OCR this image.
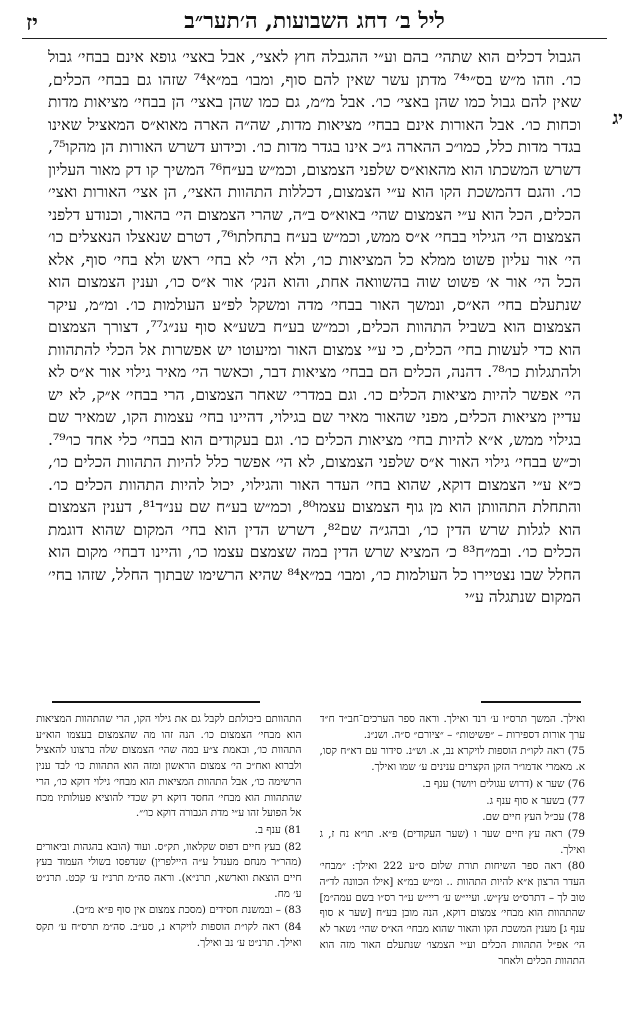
ליל ב׳ דחג השבועות, ה׳תער״ב
יז
יג

הגבול דכלים הוא שתהי׳ בהם וע״י ההגבלה חוץ לאצי׳, אבל באצי׳ גופא אינם בבחי׳ גבול כו׳. וזהו מ״ש בס״י⁷⁴ מדתן עשר שאין להם סוף, ומבו׳ במ״א⁷⁴ שזהו גם בבחי׳ הכלים, שאין להם גבול כמו שהן באצי׳ כו׳. אבל מ״מ, גם כמו שהן באצי׳ הן בבחי׳ מציאות מדות וכחות כו׳. אבל האורות אינם בבחי׳ מציאות מדות, שה״ה הארה מאוא״ס המאציל שאינו בגדר מדות כלל, כמו״כ ההארה ג״כ אינו בגדר מדות כו׳. וכידוע דשרש האורות הן מהקו⁷⁵, דשרש המשכתו הוא מהאוא״ס שלפני הצמצום, וכמ״ש בע״ח⁷⁶ המשיך קו דק מאור העליון כו׳. והגם דהמשכת הקו הוא ע״י הצמצום, דכללות התהוות האצי׳, הן אצי׳ האורות ואצי׳ הכלים, הכל הוא ע״י הצמצום שהי׳ באוא״ס ב״ה, שהרי הצמצום הי׳ בהאור, וכנודע דלפני הצמצום הי׳ הגילוי בבחי׳ א״ס ממש, וכמ״ש בע״ח בתחלתו⁷⁶, דטרם שנאצלו הנאצלים כו׳ הי׳ אור עליון פשוט ממלא כל המציאות כו׳, ולא הי׳ לא בחי׳ ראש ולא בחי׳ סוף, אלא הכל הי׳ אור א׳ פשוט שוה בהשוואה אחת, והוא הנק׳ אור א״ס כו׳, וענין הצמצום הוא שנתעלם בחי׳ הא״ס, ונמשך האור בבחי׳ מדה ומשקל לפ״ע העולמות כו׳. ומ״מ, עיקר הצמצום הוא בשביל התהוות הכלים, וכמ״ש בע״ח בשע״א סוף ענ״ג⁷⁷, דצורך הצמצום הוא כדי לעשות בחי׳ הכלים, כי ע״י צמצום האור ומיעוטו יש אפשרות אל הכלי להתהוות ולהתגלות כו׳⁷⁸. דהנה, הכלים הם בבחי׳ מציאות דבר, וכאשר הי׳ מאיר גילוי אור א״ס לא הי׳ אפשר להיות מציאות הכלים כו׳. וגם במדרי׳ שאחר הצמצום, הרי בבחי׳ א״ק, לא יש עדיין מציאות הכלים, מפני שהאור מאיר שם בגילוי, דהיינו בחי׳ עצמות הקו, שמאיר שם בגילוי ממש, א״א להיות בחי׳ מציאות הכלים כו׳. וגם בעקודים הוא בבחי׳ כלי אחד כו׳⁷⁹. וכ״ש בבחי׳ גילוי האור א״ס שלפני הצמצום, לא הי׳ אפשר כלל להיות התהוות הכלים כו׳, כ״א ע״י הצמצום דוקא, שהוא בחי׳ העדר האור והגילוי, יכול להיות התהוות הכלים כו׳. והתחלת התהוותן הוא מן גוף הצמצום עצמו⁸⁰, וכמ״ש בע״ח שם ענ״ד⁸¹, דענין הצמצום הוא לגלות שרש הדין כו׳, ובהג״ה שם⁸², דשרש הדין הוא בחי׳ המקום שהוא דוגמת הכלים כו׳. ובמ״ח⁸³ כ׳ המציא שרש הדין במה שצמצם עצמו כו׳, והיינו דבחי׳ מקום הוא החלל שבו נצטיירו כל העולמות כו׳, ומבו׳ במ״א⁸⁴ שהיא הרשימו שבתוך החלל, שזהו בחי׳ המקום שנתגלה ע״י

ואילך. המשך תרס״ו ע׳ רנד ואילך. וראה ספר הערכים־חב״ד ח״ד ערך אורות דספירות – ״פשיטות״ – ״ציורם״ ס״ה. ושנ״נ.

75) ראה לקו״ת הוספות לויקרא נב, א. וש״נ. סידור עם דא״ח קסו, א. מאמרי אדמו״ר הזקן הקצרים ענינים ע׳ שמו ואילך.

76) שער א (דרוש עגולים ויושר) ענף ב.

77) בשער א סוף ענף ג.

78) עכ״ל העץ חיים שם.

79) ראה עץ חיים שער ו (שער העקודים) פ״א. תו״א נח ז, ג ואילך.

80) ראה ספר השיחות תורת שלום ס״ע 222 ואילך: ״מבחי׳ העדר הרצון א״א להיות התהוות .. ומ״ש במ״א [אילו הכוונה לד״ה טוב לך – דתרס״ט עץ״ש. ועיי״ש ע׳ ריי״ש ע״ר רס״ו בשם עמה״מ] שהתהוות הוא מבחי׳ צמצום דוקא, הנה מובן בע״ח [שער א סוף ענף ג] מענין המשכת הקו והאור שהוא מבחי׳ הא״ס שהי׳ נשאר לא הי׳ אפ״ל התהוות הכלים וע״י הצמצו׳ שנתעלם האור מזה הוא התהוות הכלים ולאחר

התהוותם ביכולתם לקבל גם את גילוי הקו, הרי שהתהוות המציאות הוא מבחי׳ הצמצום כו׳. הנה זהו מה שהצמצום בעצמו הוא״ע התהוות כו׳, ובאמת צ״ע במה שהי׳ הצמצום שלה ברצונו להאציל ולברוא ואח״כ הי׳ צמצום הראשון ומזה הוא התהוות כו׳ לבד ענין הרשימה כו׳, אבל התהוות המציאות הוא מבחי׳ גילוי דוקא כו׳, הרי שהתהוות הוא מבחי׳ החסד דוקא רק שכדי להוציא פעולותיו מכח אל הפועל זהו ע״י מדת הגבורה דוקא כו׳״.

81) ענף ב.

82) בעץ חיים דפוס שקלאוו, תק״ס. ועוד (הובא בהגהות וביאורים (מהר״ר מנחם מענדל ע״ה היילפרין) שנדפסו בשולי העמוד בעץ חיים הוצאת ווארשא, תרנ״א). וראה סה״מ תרנ״ז ע׳ קכט. תרנ״ט ע׳ מח.

83) – ובמשנת חסידים (מסכת צמצום אין סוף פ״א מ״ב).

84) ראה לקו״ת הוספות לויקרא נ, סע״ב. סה״מ תרס״ח ע׳ תקס ואילך. תרנ״ט ע׳ נב ואילך.
